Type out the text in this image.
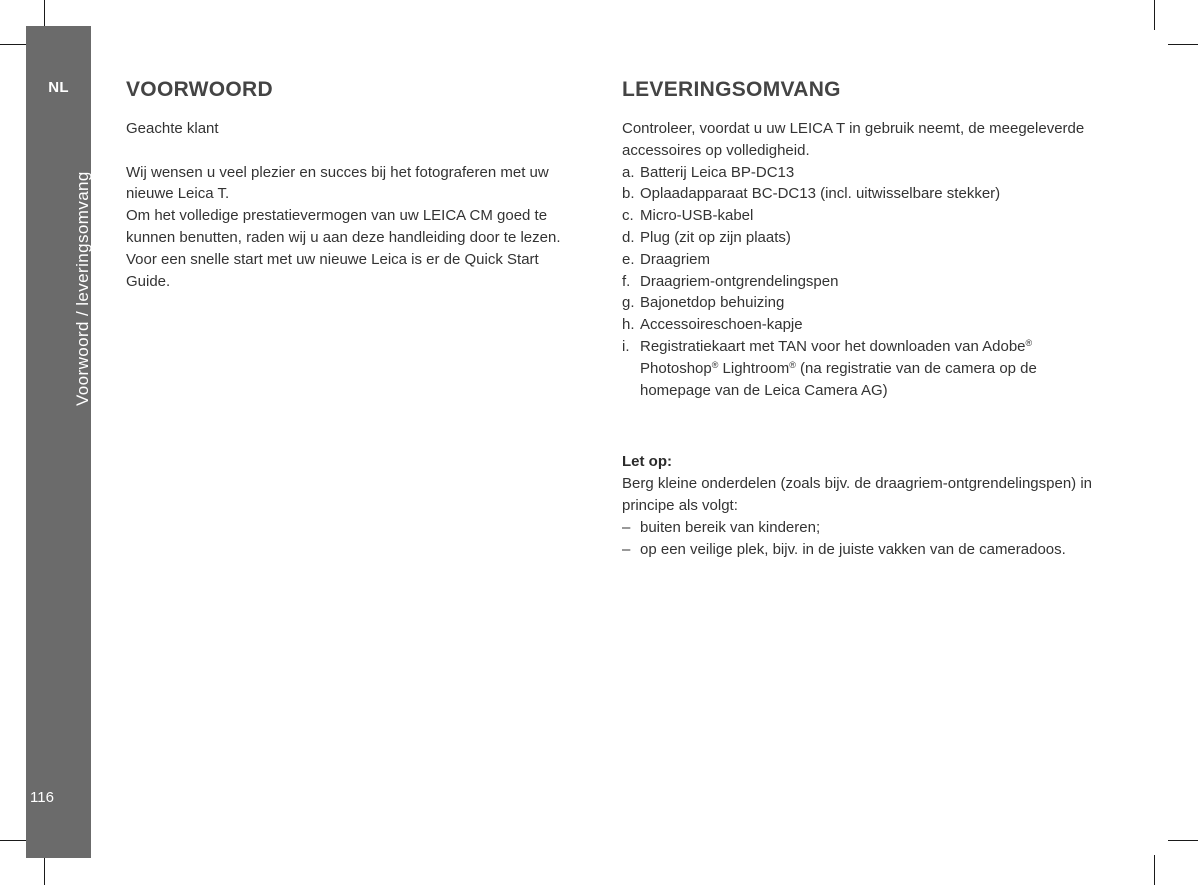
NL
Voorwoord / leveringsomvang
116
VOORWOORD

Geachte klant

Wij wensen u veel plezier en succes bij het fotograferen met uw nieuwe Leica T.

Om het volledige prestatievermogen van uw LEICA CM goed te kunnen benutten, raden wij u aan deze handleiding door te lezen.

Voor een snelle start met uw nieuwe Leica is er de Quick Start Guide.

LEVERINGSOMVANG

Controleer, voordat u uw LEICA T in gebruik neemt, de meegeleverde accessoires op volledigheid.

a. Batterij Leica BP-DC13
b. Oplaadapparaat BC-DC13 (incl. uitwisselbare stekker)
c. Micro-USB-kabel
d. Plug (zit op zijn plaats)
e. Draagriem
f. Draagriem-ontgrendelingspen
g. Bajonetdop behuizing
h. Accessoireschoen-kapje
i. Registratiekaart met TAN voor het downloaden van Adobe® Photoshop® Lightroom® (na registratie van de camera op de homepage van de Leica Camera AG)

Let op:

Berg kleine onderdelen (zoals bijv. de draagriem-ontgrendelingspen) in principe als volgt:

– buiten bereik van kinderen;
– op een veilige plek, bijv. in de juiste vakken van de cameradoos.
